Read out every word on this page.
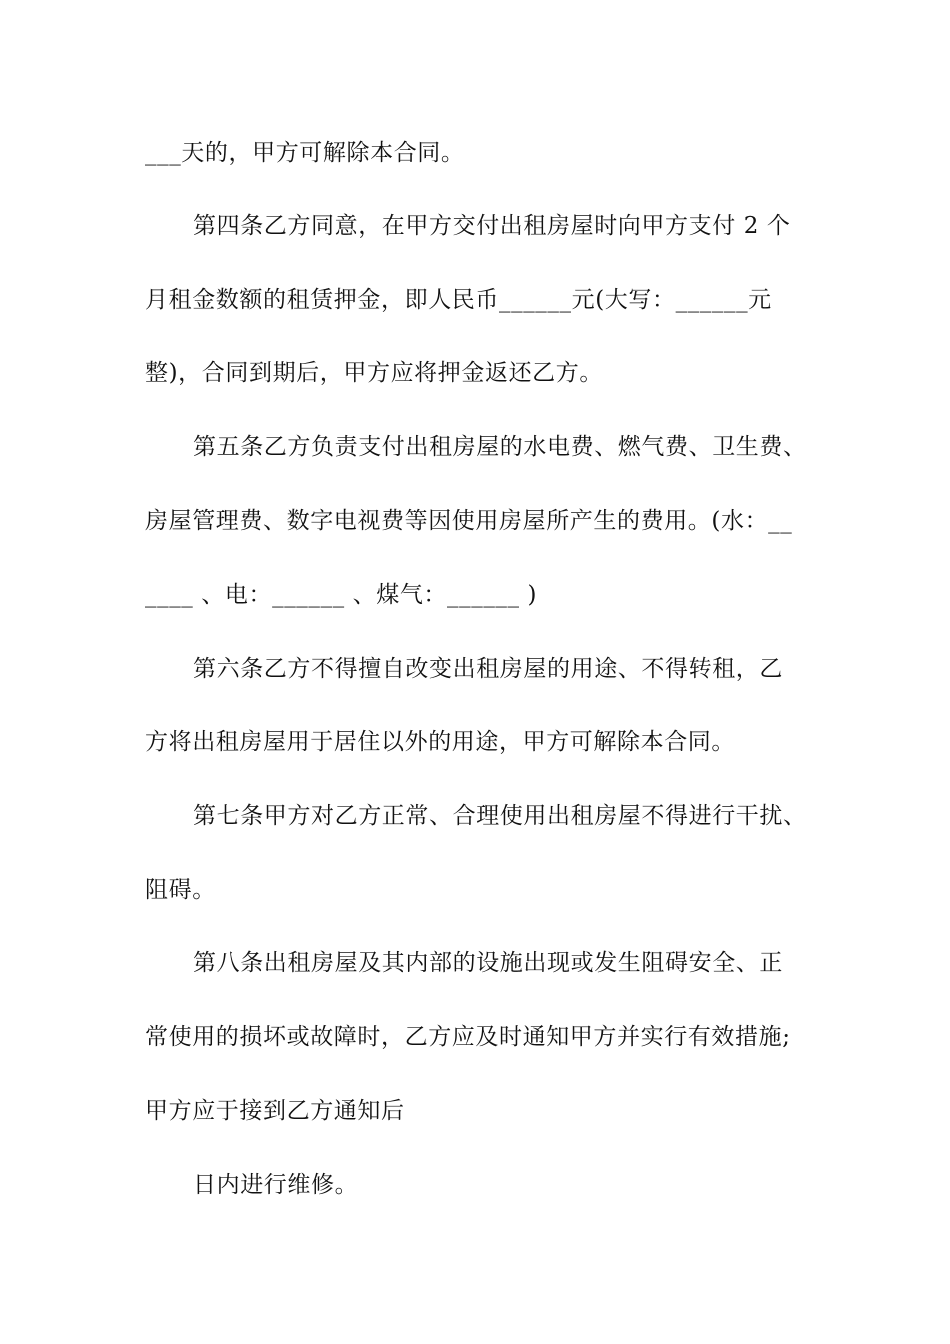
___天的，甲方可解除本合同。
第四条乙方同意，在甲方交付出租房屋时向甲方支付 2 个
月租金数额的租赁押金，即人民币______元(大写：______元
整)，合同到期后，甲方应将押金返还乙方。
第五条乙方负责支付出租房屋的水电费、燃气费、卫生费、
房屋管理费、数字电视费等因使用房屋所产生的费用。(水：__
____ 、电：______ 、煤气：______ )
第六条乙方不得擅自改变出租房屋的用途、不得转租，乙
方将出租房屋用于居住以外的用途，甲方可解除本合同。
第七条甲方对乙方正常、合理使用出租房屋不得进行干扰、
阻碍。
第八条出租房屋及其内部的设施出现或发生阻碍安全、正
常使用的损坏或故障时，乙方应及时通知甲方并实行有效措施;
甲方应于接到乙方通知后
日内进行维修。
